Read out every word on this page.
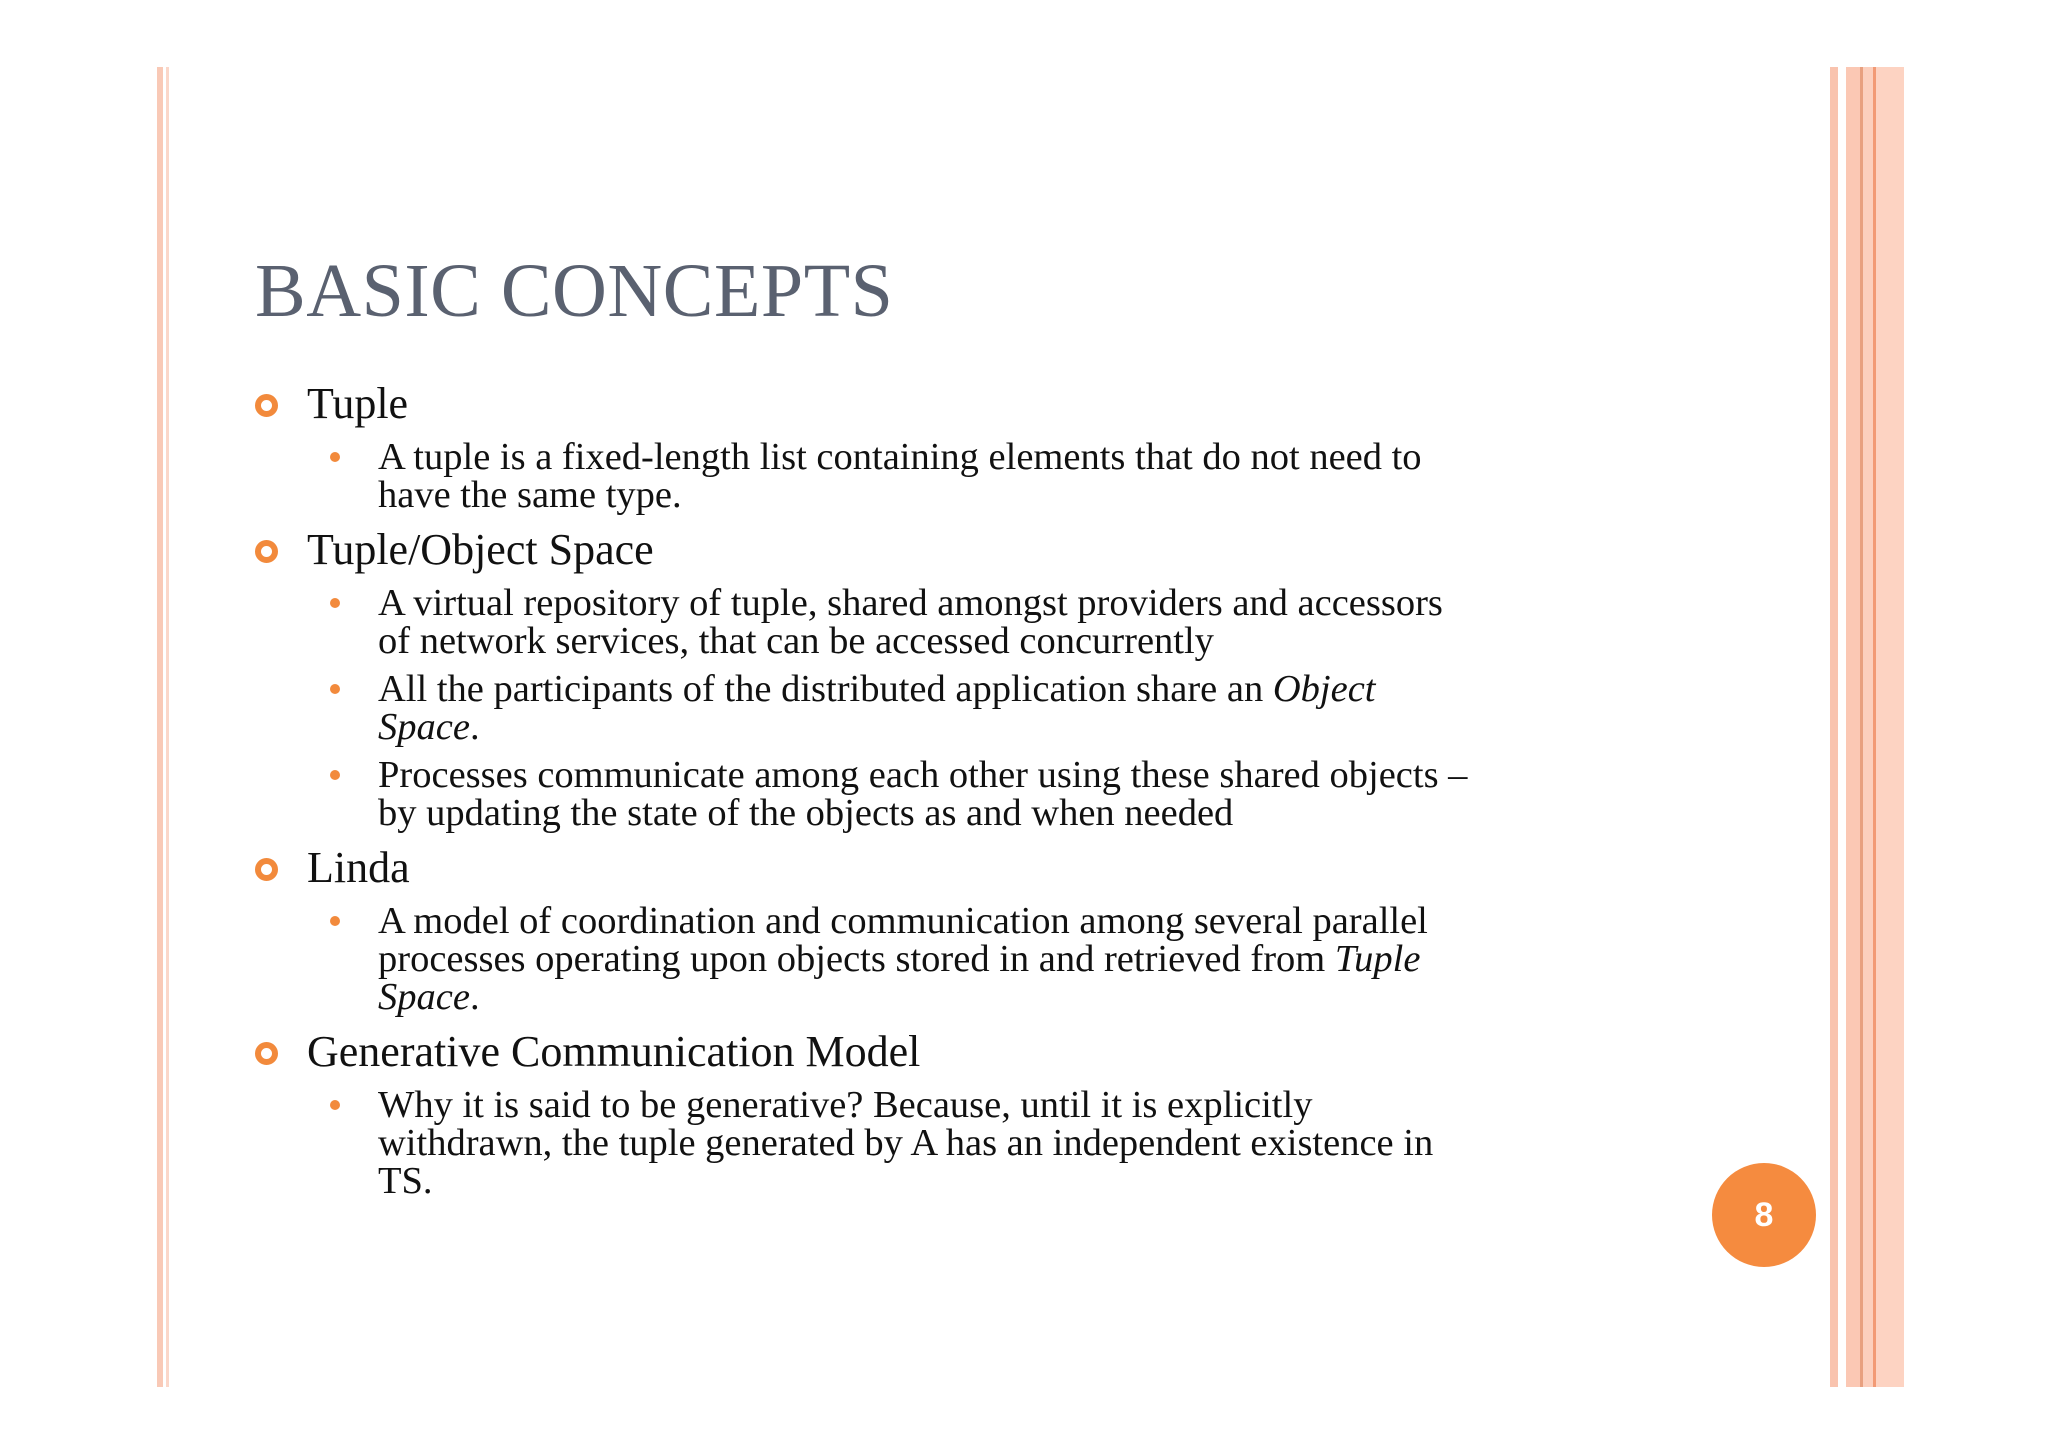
BASIC CONCEPTS
Tuple
A tuple is a fixed-length list containing elements that do not need to
have the same type.
Tuple/Object Space
A virtual repository of tuple, shared amongst providers and accessors
of network services, that can be accessed concurrently
All the participants of the distributed application share an Object
Space.
Processes communicate among each other using these shared objects –
by updating the state of the objects as and when needed
Linda
A model of coordination and communication among several parallel
processes operating upon objects stored in and retrieved from Tuple
Space.
Generative Communication Model
Why it is said to be generative? Because, until it is explicitly
withdrawn, the tuple generated by A has an independent existence in
TS.
8
